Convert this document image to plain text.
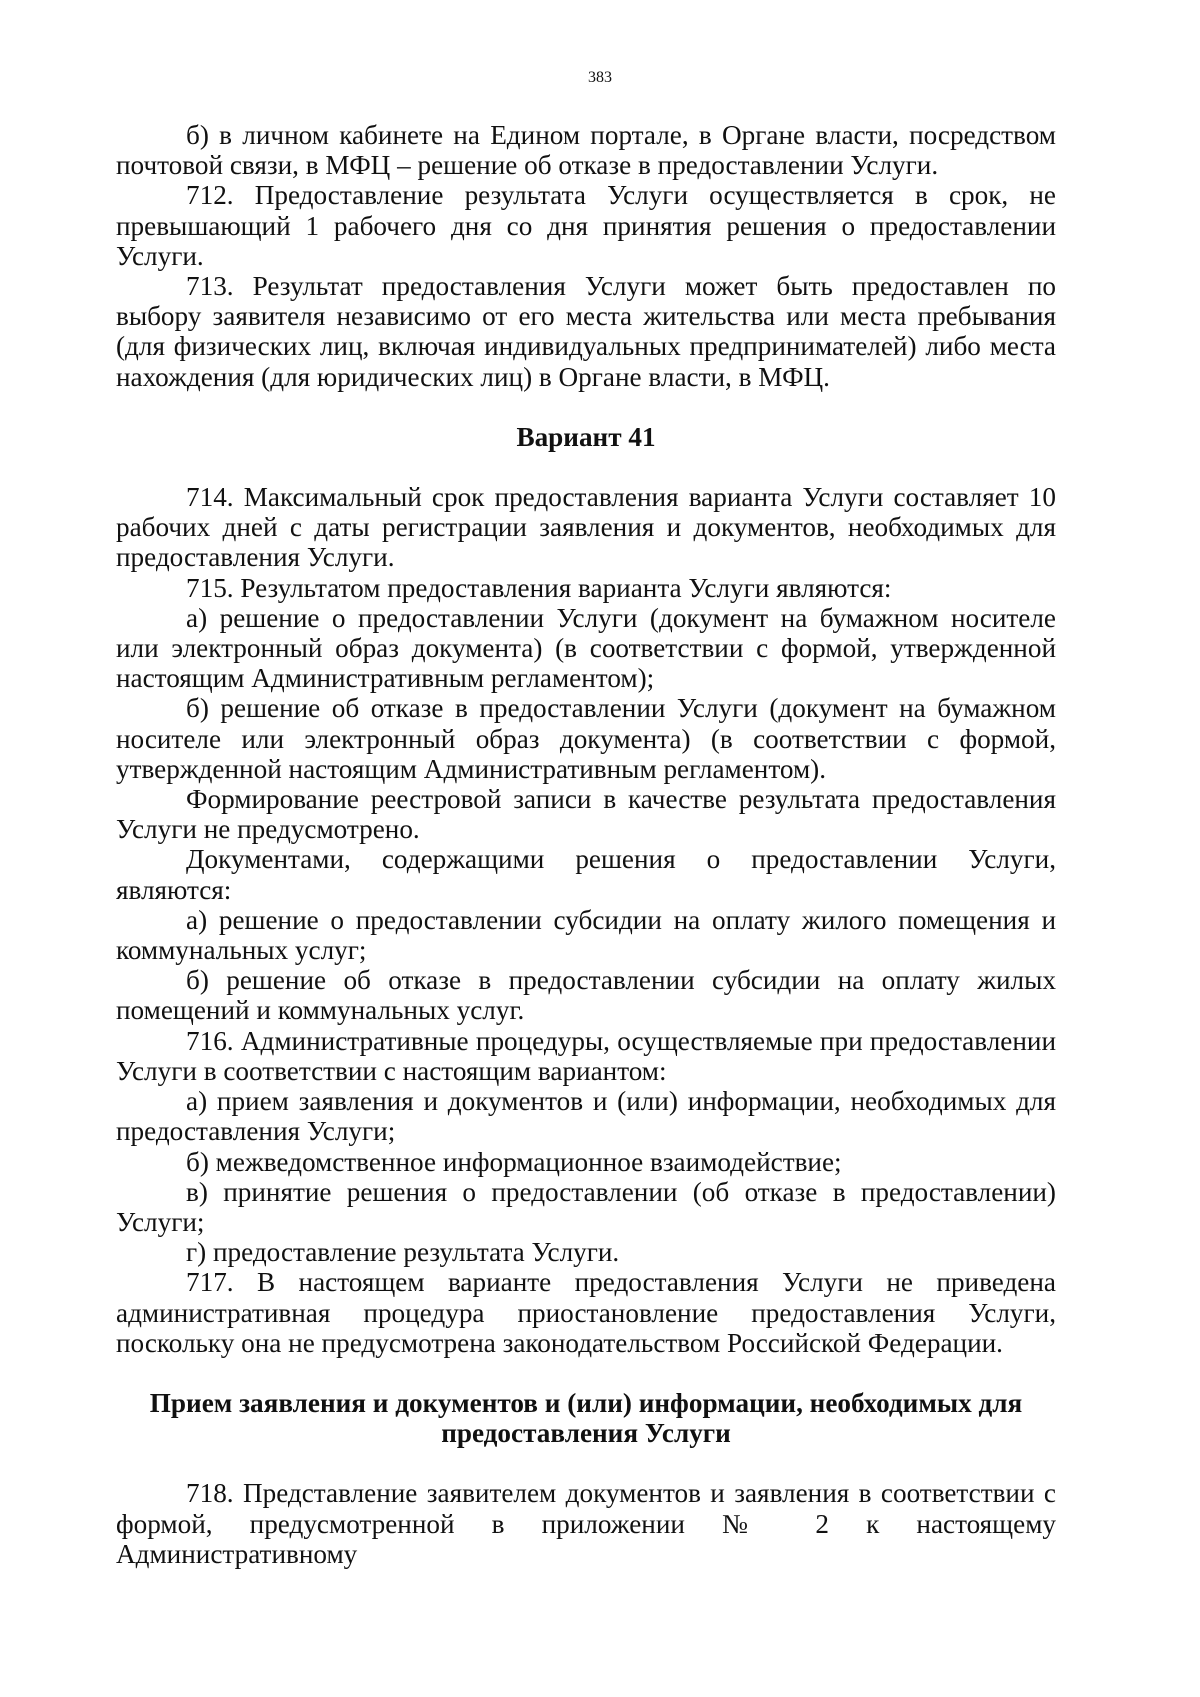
383

б) в личном кабинете на Едином портале, в Органе власти, посредством почтовой связи, в МФЦ – решение об отказе в предоставлении Услуги.

712. Предоставление результата Услуги осуществляется в срок, не превышающий 1 рабочего дня со дня принятия решения о предоставлении Услуги.

713. Результат предоставления Услуги может быть предоставлен по выбору заявителя независимо от его места жительства или места пребывания (для физических лиц, включая индивидуальных предпринимателей) либо места нахождения (для юридических лиц) в Органе власти, в МФЦ.

Вариант 41

714. Максимальный срок предоставления варианта Услуги составляет 10 рабочих дней с даты регистрации заявления и документов, необходимых для предоставления Услуги.

715. Результатом предоставления варианта Услуги являются:

а) решение о предоставлении Услуги (документ на бумажном носителе или электронный образ документа) (в соответствии с формой, утвержденной настоящим Административным регламентом);

б) решение об отказе в предоставлении Услуги (документ на бумажном носителе или электронный образ документа) (в соответствии с формой, утвержденной настоящим Административным регламентом).

Формирование реестровой записи в качестве результата предоставления Услуги не предусмотрено.

Документами, содержащими решения о предоставлении Услуги, являются:

а) решение о предоставлении субсидии на оплату жилого помещения и коммунальных услуг;

б) решение об отказе в предоставлении субсидии на оплату жилых помещений и коммунальных услуг.

716. Административные процедуры, осуществляемые при предоставлении Услуги в соответствии с настоящим вариантом:

а) прием заявления и документов и (или) информации, необходимых для предоставления Услуги;

б) межведомственное информационное взаимодействие;

в) принятие решения о предоставлении (об отказе в предоставлении) Услуги;

г) предоставление результата Услуги.

717. В настоящем варианте предоставления Услуги не приведена административная процедура приостановление предоставления Услуги, поскольку она не предусмотрена законодательством Российской Федерации.

Прием заявления и документов и (или) информации, необходимых для
предоставления Услуги

718. Представление заявителем документов и заявления в соответствии с формой, предусмотренной в приложении № 2 к настоящему Административному
